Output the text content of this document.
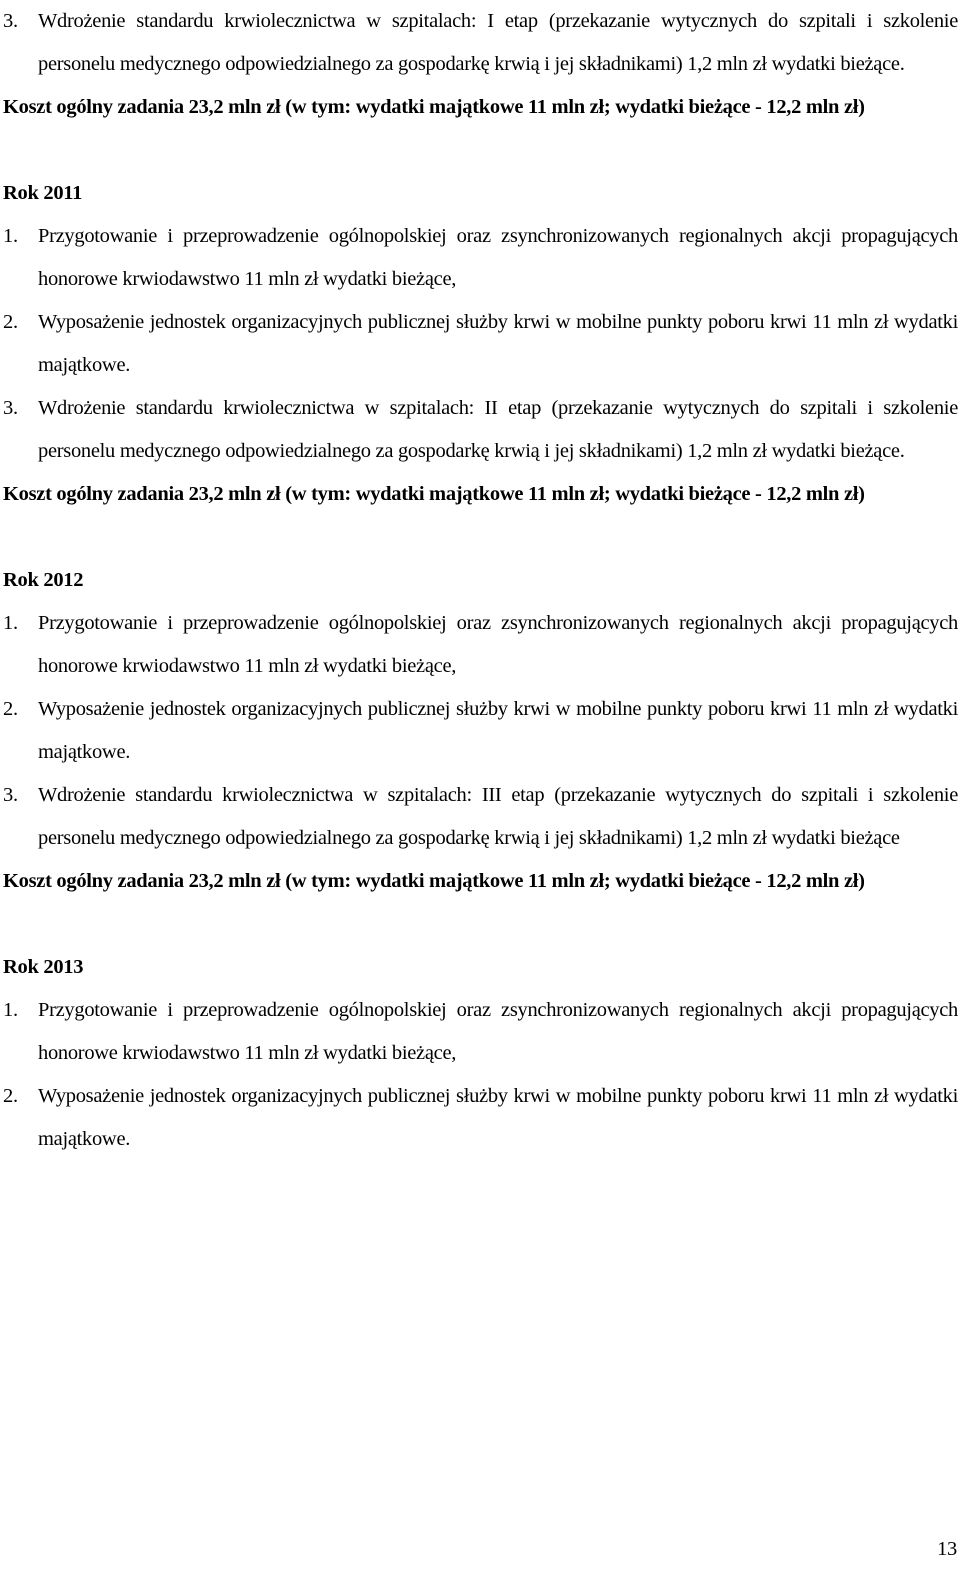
3. Wdrożenie standardu krwiolecznictwa w szpitalach: I etap (przekazanie wytycznych do szpitali i szkolenie personelu medycznego odpowiedzialnego za gospodarkę krwią i jej składnikami) 1,2 mln zł wydatki bieżące.
Koszt ogólny zadania 23,2 mln zł (w tym: wydatki majątkowe 11 mln zł; wydatki bieżące - 12,2 mln zł)
Rok 2011
1. Przygotowanie i przeprowadzenie ogólnopolskiej oraz zsynchronizowanych regionalnych akcji propagujących honorowe krwiodawstwo 11 mln zł wydatki bieżące,
2. Wyposażenie jednostek organizacyjnych publicznej służby krwi w mobilne punkty poboru krwi 11 mln zł wydatki majątkowe.
3. Wdrożenie standardu krwiolecznictwa w szpitalach: II etap (przekazanie wytycznych do szpitali i szkolenie personelu medycznego odpowiedzialnego za gospodarkę krwią i jej składnikami) 1,2 mln zł wydatki bieżące.
Koszt ogólny zadania 23,2 mln zł (w tym: wydatki majątkowe 11 mln zł; wydatki bieżące - 12,2 mln zł)
Rok 2012
1. Przygotowanie i przeprowadzenie ogólnopolskiej oraz zsynchronizowanych regionalnych akcji propagujących honorowe krwiodawstwo 11 mln zł wydatki bieżące,
2. Wyposażenie jednostek organizacyjnych publicznej służby krwi w mobilne punkty poboru krwi 11 mln zł wydatki majątkowe.
3. Wdrożenie standardu krwiolecznictwa w szpitalach: III etap (przekazanie wytycznych do szpitali i szkolenie personelu medycznego odpowiedzialnego za gospodarkę krwią i jej składnikami) 1,2 mln zł wydatki bieżące
Koszt ogólny zadania 23,2 mln zł (w tym: wydatki majątkowe 11 mln zł; wydatki bieżące - 12,2 mln zł)
Rok 2013
1. Przygotowanie i przeprowadzenie ogólnopolskiej oraz zsynchronizowanych regionalnych akcji propagujących honorowe krwiodawstwo 11 mln zł wydatki bieżące,
2. Wyposażenie jednostek organizacyjnych publicznej służby krwi w mobilne punkty poboru krwi 11 mln zł wydatki majątkowe.
13
